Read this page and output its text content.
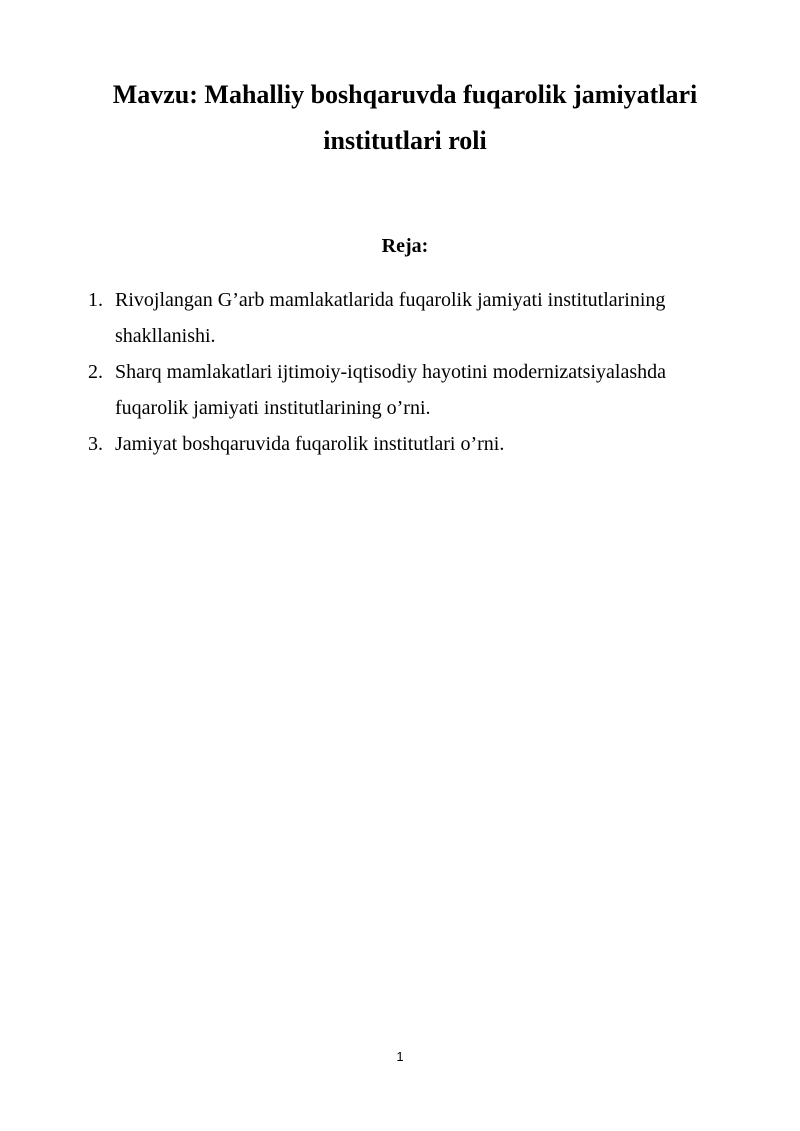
Mavzu: Mahalliy boshqaruvda fuqarolik jamiyatlari
institutlari roli
Reja:
1. Rivojlangan G’arb mamlakatlarida fuqarolik jamiyati institutlarining shakllanishi.
2. Sharq mamlakatlari ijtimoiy-iqtisodiy hayotini modernizatsiyalashda fuqarolik jamiyati institutlarining o’rni.
3. Jamiyat boshqaruvida fuqarolik institutlari o’rni.
1
